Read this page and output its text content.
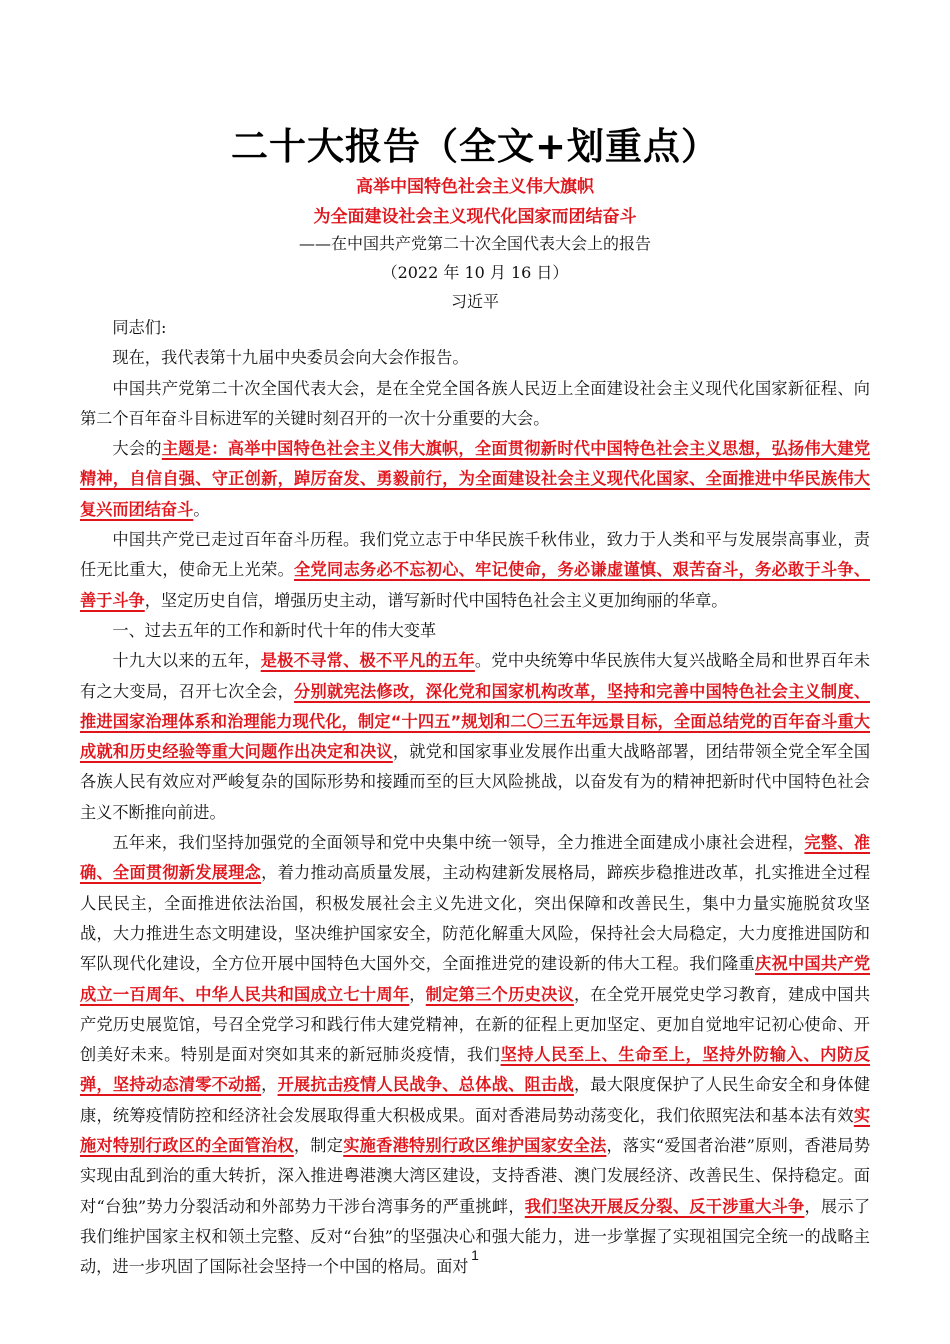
二十大报告（全文+划重点）
高举中国特色社会主义伟大旗帜
为全面建设社会主义现代化国家而团结奋斗
——在中国共产党第二十次全国代表大会上的报告
（2022 年 10 月 16 日）
习近平

同志们:

现在，我代表第十九届中央委员会向大会作报告。

中国共产党第二十次全国代表大会，是在全党全国各族人民迈上全面建设社会主义现代化国家新征程、向第二个百年奋斗目标进军的关键时刻召开的一次十分重要的大会。

大会的主题是：高举中国特色社会主义伟大旗帜，全面贯彻新时代中国特色社会主义思想，弘扬伟大建党精神，自信自强、守正创新，踔厉奋发、勇毅前行，为全面建设社会主义现代化国家、全面推进中华民族伟大复兴而团结奋斗。

中国共产党已走过百年奋斗历程。我们党立志于中华民族千秋伟业，致力于人类和平与发展崇高事业，责任无比重大，使命无上光荣。全党同志务必不忘初心、牢记使命，务必谦虚谨慎、艰苦奋斗，务必敢于斗争、善于斗争，坚定历史自信，增强历史主动，谱写新时代中国特色社会主义更加绚丽的华章。

一、过去五年的工作和新时代十年的伟大变革

十九大以来的五年，是极不寻常、极不平凡的五年。党中央统筹中华民族伟大复兴战略全局和世界百年未有之大变局，召开七次全会，分别就宪法修改，深化党和国家机构改革，坚持和完善中国特色社会主义制度、推进国家治理体系和治理能力现代化，制定“十四五”规划和二〇三五年远景目标，全面总结党的百年奋斗重大成就和历史经验等重大问题作出决定和决议，就党和国家事业发展作出重大战略部署，团结带领全党全军全国各族人民有效应对严峻复杂的国际形势和接踵而至的巨大风险挑战，以奋发有为的精神把新时代中国特色社会主义不断推向前进。

五年来，我们坚持加强党的全面领导和党中央集中统一领导，全力推进全面建成小康社会进程，完整、准确、全面贯彻新发展理念，着力推动高质量发展，主动构建新发展格局，蹄疾步稳推进改革，扎实推进全过程人民民主，全面推进依法治国，积极发展社会主义先进文化，突出保障和改善民生，集中力量实施脱贫攻坚战，大力推进生态文明建设，坚决维护国家安全，防范化解重大风险，保持社会大局稳定，大力度推进国防和军队现代化建设，全方位开展中国特色大国外交，全面推进党的建设新的伟大工程。我们隆重庆祝中国共产党成立一百周年、中华人民共和国成立七十周年，制定第三个历史决议，在全党开展党史学习教育，建成中国共产党历史展览馆，号召全党学习和践行伟大建党精神，在新的征程上更加坚定、更加自觉地牢记初心使命、开创美好未来。特别是面对突如其来的新冠肺炎疫情，我们坚持人民至上、生命至上，坚持外防输入、内防反弹，坚持动态清零不动摇，开展抗击疫情人民战争、总体战、阻击战，最大限度保护了人民生命安全和身体健康，统筹疫情防控和经济社会发展取得重大积极成果。面对香港局势动荡变化，我们依照宪法和基本法有效实施对特别行政区的全面管治权，制定实施香港特别行政区维护国家安全法，落实“爱国者治港”原则，香港局势实现由乱到治的重大转折，深入推进粤港澳大湾区建设，支持香港、澳门发展经济、改善民生、保持稳定。面对“台独”势力分裂活动和外部势力干涉台湾事务的严重挑衅，我们坚决开展反分裂、反干涉重大斗争，展示了我们维护国家主权和领土完整、反对“台独”的坚强决心和强大能力，进一步掌握了实现祖国完全统一的战略主动，进一步巩固了国际社会坚持一个中国的格局。面对

1
